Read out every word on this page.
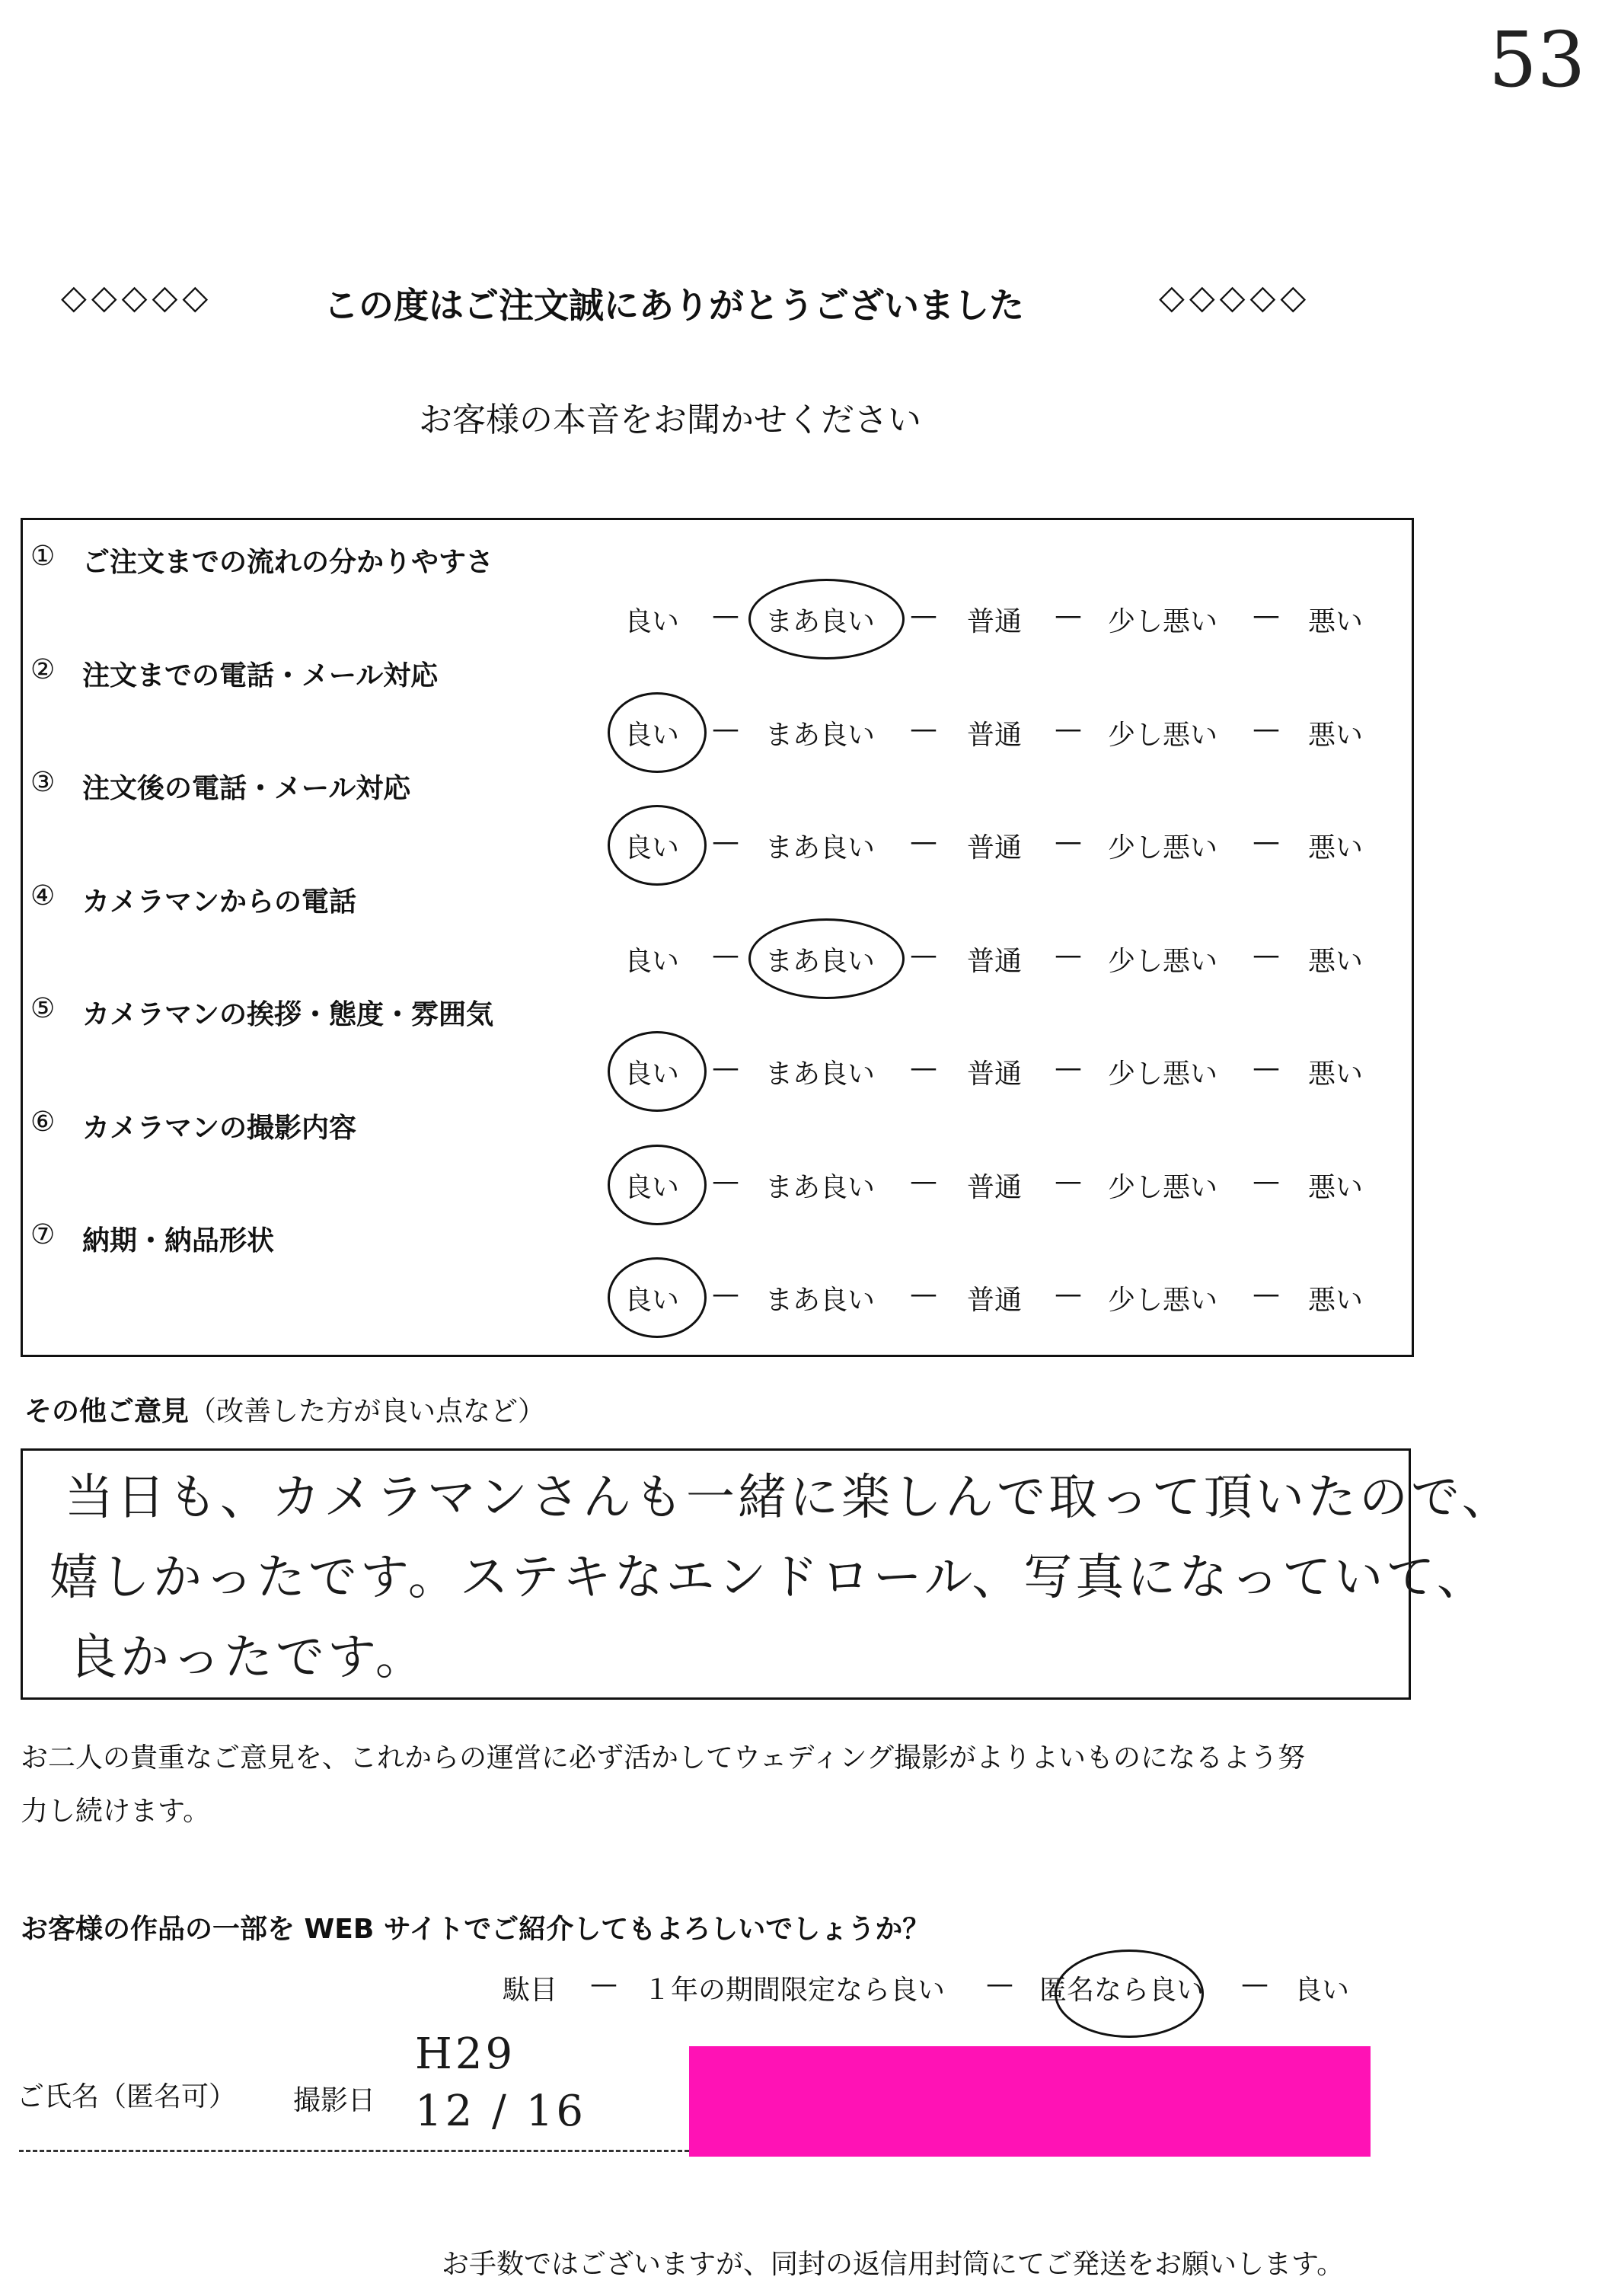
53
◇◇◇◇◇	この度はご注文誠にありがとうございました	◇◇◇◇◇
お客様の本音をお聞かせください
① ご注文までの流れの分かりやすさ
良い — まあ良い — 普通 — 少し悪い — 悪い
② 注文までの電話・メール対応
良い — まあ良い — 普通 — 少し悪い — 悪い
③ 注文後の電話・メール対応
良い — まあ良い — 普通 — 少し悪い — 悪い
④ カメラマンからの電話
良い — まあ良い — 普通 — 少し悪い — 悪い
⑤ カメラマンの挨拶・態度・雰囲気
良い — まあ良い — 普通 — 少し悪い — 悪い
⑥ カメラマンの撮影内容
良い — まあ良い — 普通 — 少し悪い — 悪い
⑦ 納期・納品形状
良い — まあ良い — 普通 — 少し悪い — 悪い
その他ご意見（改善した方が良い点など）
当日も、カメラマンさんも一緒に楽しんで取って頂いたので、
嬉しかったです。ステキなエンドロール、写真になっていて、
良かったです。
お二人の貴重なご意見を、これからの運営に必ず活かしてウェディング撮影がよりよいものになるよう努
力し続けます。
お客様の作品の一部を WEB サイトでご紹介してもよろしいでしょうか？
駄目 — １年の期間限定なら良い — 匿名なら良い — 良い
ご氏名（匿名可） 撮影日
H29
12 / 16
お手数ではございますが、同封の返信用封筒にてご発送をお願いします。
